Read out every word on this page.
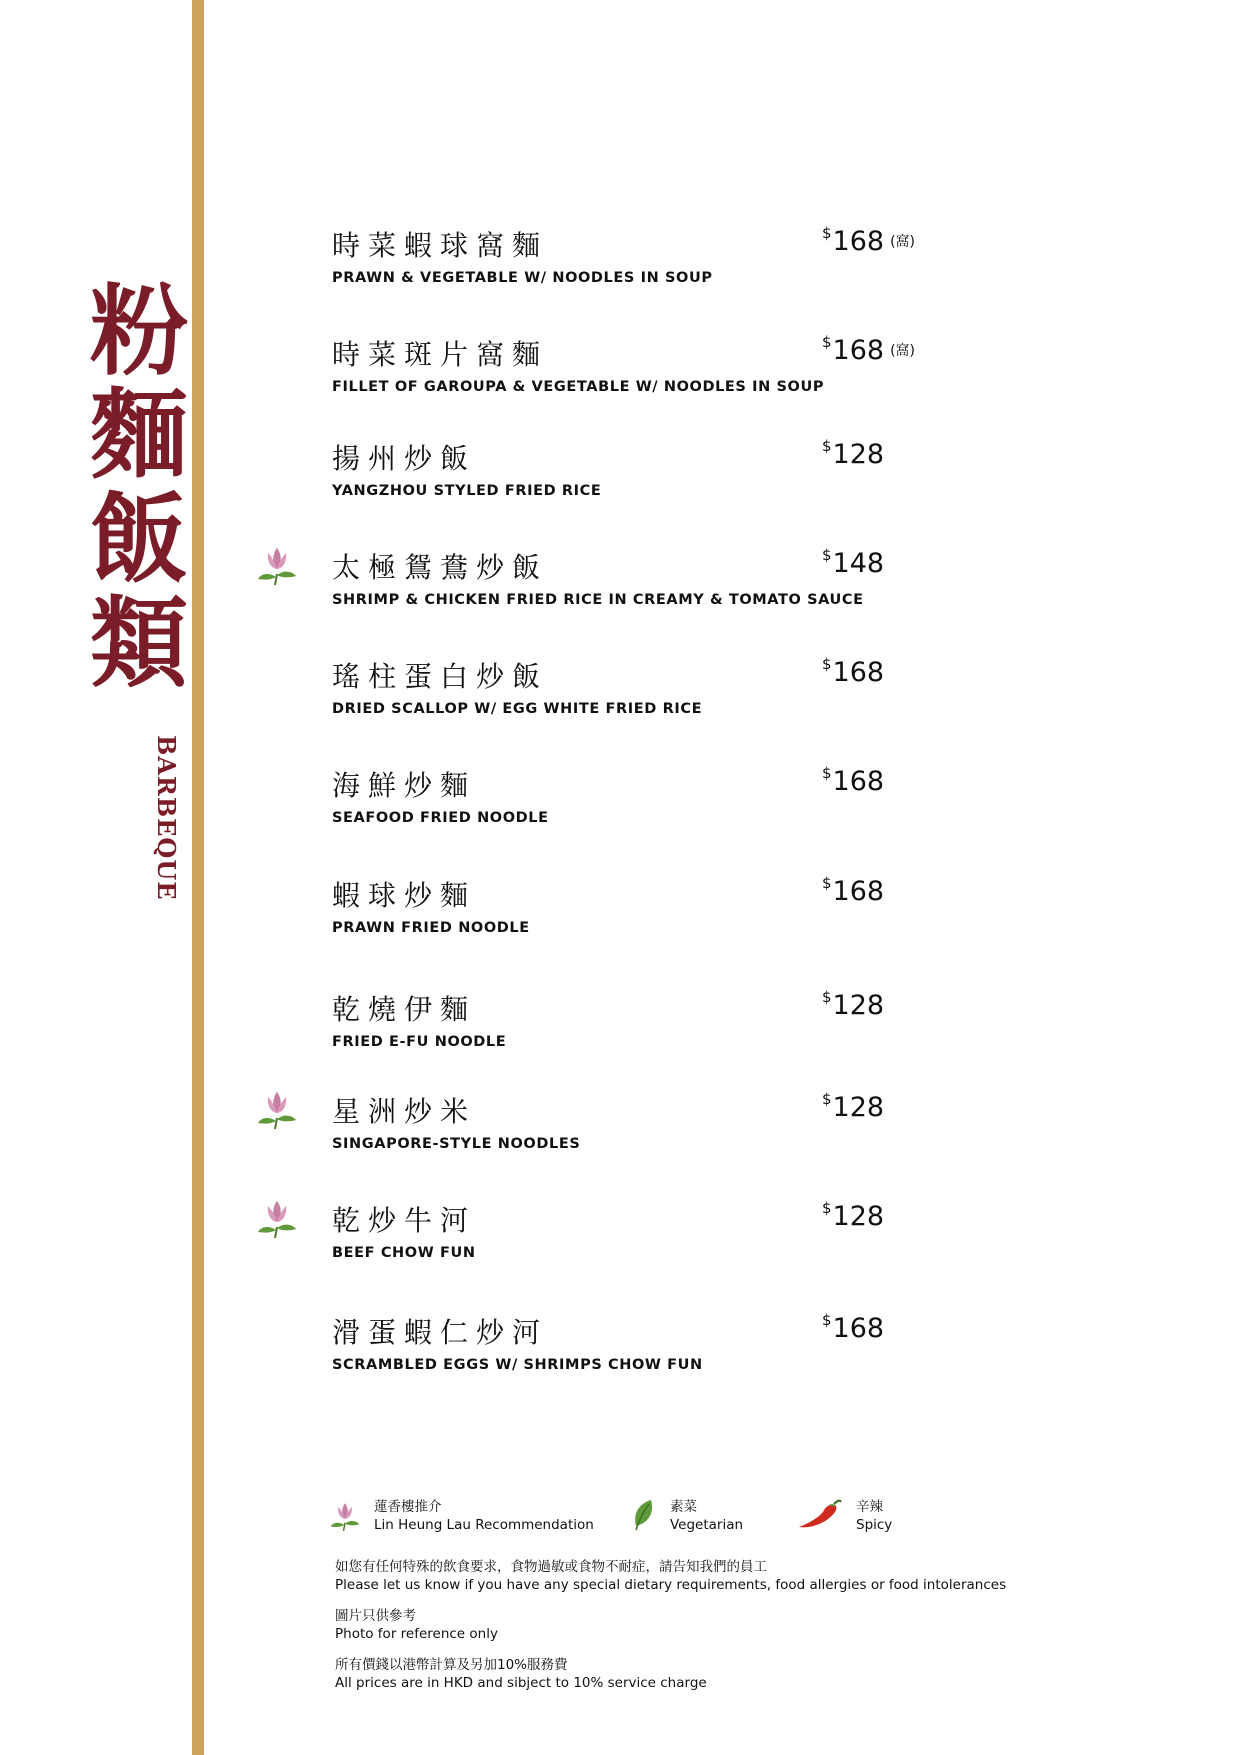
粉
麵
飯
類
BARBEQUE
時菜蝦球窩麵
PRAWN & VEGETABLE W/ NOODLES IN SOUP
$168 (窩)
時菜斑片窩麵
FILLET OF GAROUPA & VEGETABLE W/ NOODLES IN SOUP
$168 (窩)
揚州炒飯
YANGZHOU STYLED FRIED RICE
$128
太極鴛鴦炒飯
SHRIMP & CHICKEN FRIED RICE IN CREAMY & TOMATO SAUCE
$148
瑤柱蛋白炒飯
DRIED SCALLOP W/ EGG WHITE FRIED RICE
$168
海鮮炒麵
SEAFOOD FRIED NOODLE
$168
蝦球炒麵
PRAWN FRIED NOODLE
$168
乾燒伊麵
FRIED E-FU NOODLE
$128
星洲炒米
SINGAPORE-STYLE NOODLES
$128
乾炒牛河
BEEF CHOW FUN
$128
滑蛋蝦仁炒河
SCRAMBLED EGGS W/ SHRIMPS CHOW FUN
$168
蓮香樓推介
Lin Heung Lau Recommendation
素菜
Vegetarian
辛辣
Spicy
如您有任何特殊的飲食要求，食物過敏或食物不耐症，請告知我們的員工
Please let us know if you have any special dietary requirements, food allergies or food intolerances
圖片只供參考
Photo for reference only
所有價錢以港幣計算及另加10%服務費
All prices are in HKD and sibject to 10% service charge
